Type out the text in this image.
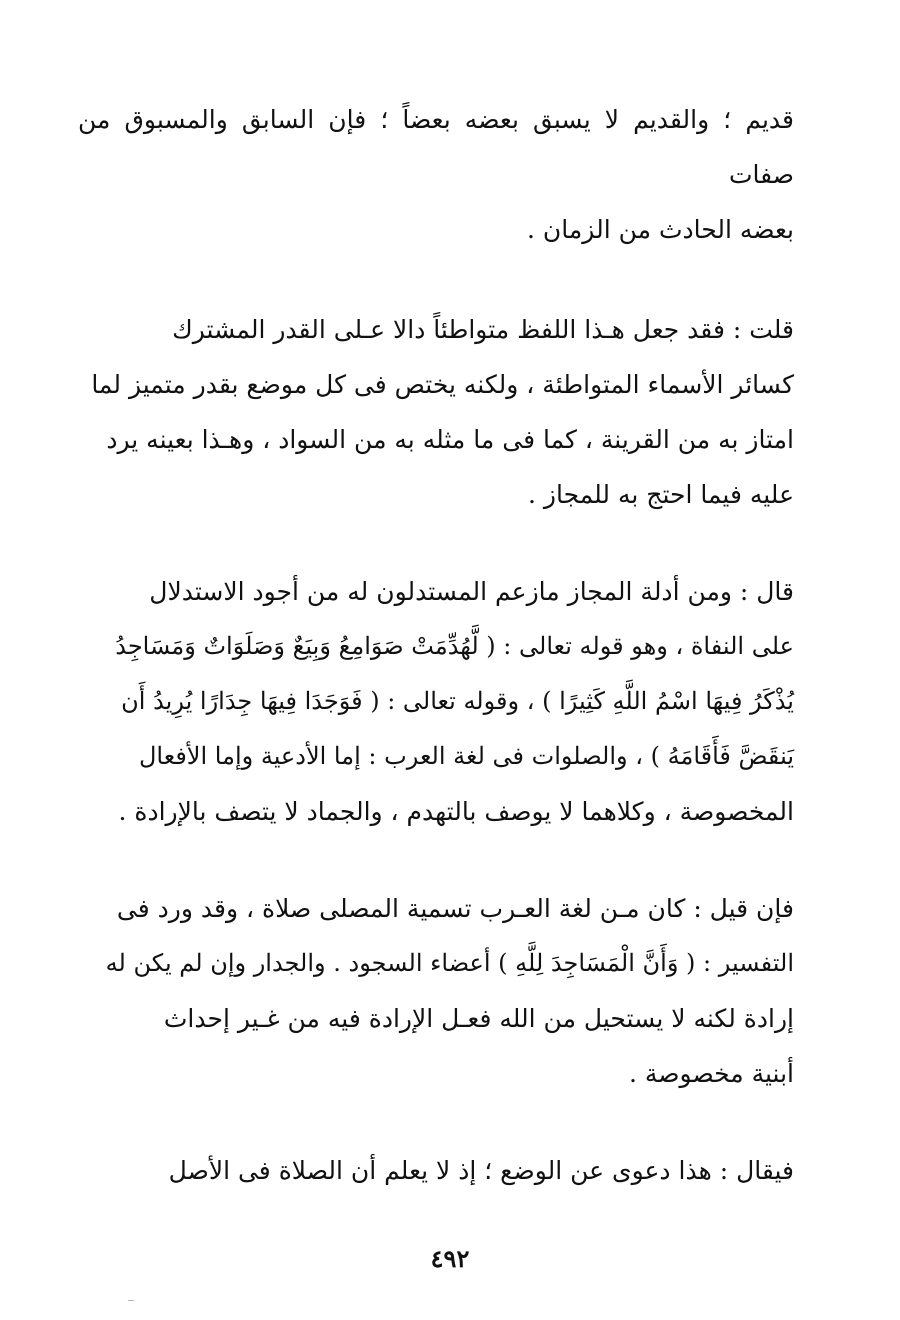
قديم ؛ والقديم لا يسبق بعضه بعضاً ؛ فإن السابق والمسبوق من صفات
بعضه الحادث من الزمان .
قلت : فقد جعل هـذا اللفظ متواطئاً دالا عـلى القدر المشترك
كسائر الأسماء المتواطئة ، ولكنه يختص فى كل موضع بقدر متميز لما
امتاز به من القرينة ، كما فى ما مثله به من السواد ، وهـذا بعينه يرد
عليه فيما احتج به للمجاز .
قال : ومن أدلة المجاز مازعم المستدلون له من أجود الاستدلال
على النفاة ، وهو قوله تعالى : ( لَّهُدِّمَتْ صَوَامِعُ وَبِيَعٌ وَصَلَوَاتٌ وَمَسَاجِدُ
يُذْكَرُ فِيهَا اسْمُ اللَّهِ كَثِيرًا ) ، وقوله تعالى : ( فَوَجَدَا فِيهَا جِدَارًا يُرِيدُ أَن
يَنقَضَّ فَأَقَامَهُ ) ، والصلوات فى لغة العرب : إما الأدعية وإما الأفعال
المخصوصة ، وكلاهما لا يوصف بالتهدم ، والجماد لا يتصف بالإرادة .
فإن قيل : كان مـن لغة العـرب تسمية المصلى صلاة ، وقد ورد فى
التفسير : ( وَأَنَّ الْمَسَاجِدَ لِلَّهِ ) أعضاء السجود . والجدار وإن لم يكن له
إرادة لكنه لا يستحيل من الله فعـل الإرادة فيه من غـير إحداث
أبنية مخصوصة .
فيقال : هذا دعوى عن الوضع ؛ إذ لا يعلم أن الصلاة فى الأصل
٤٩٢
